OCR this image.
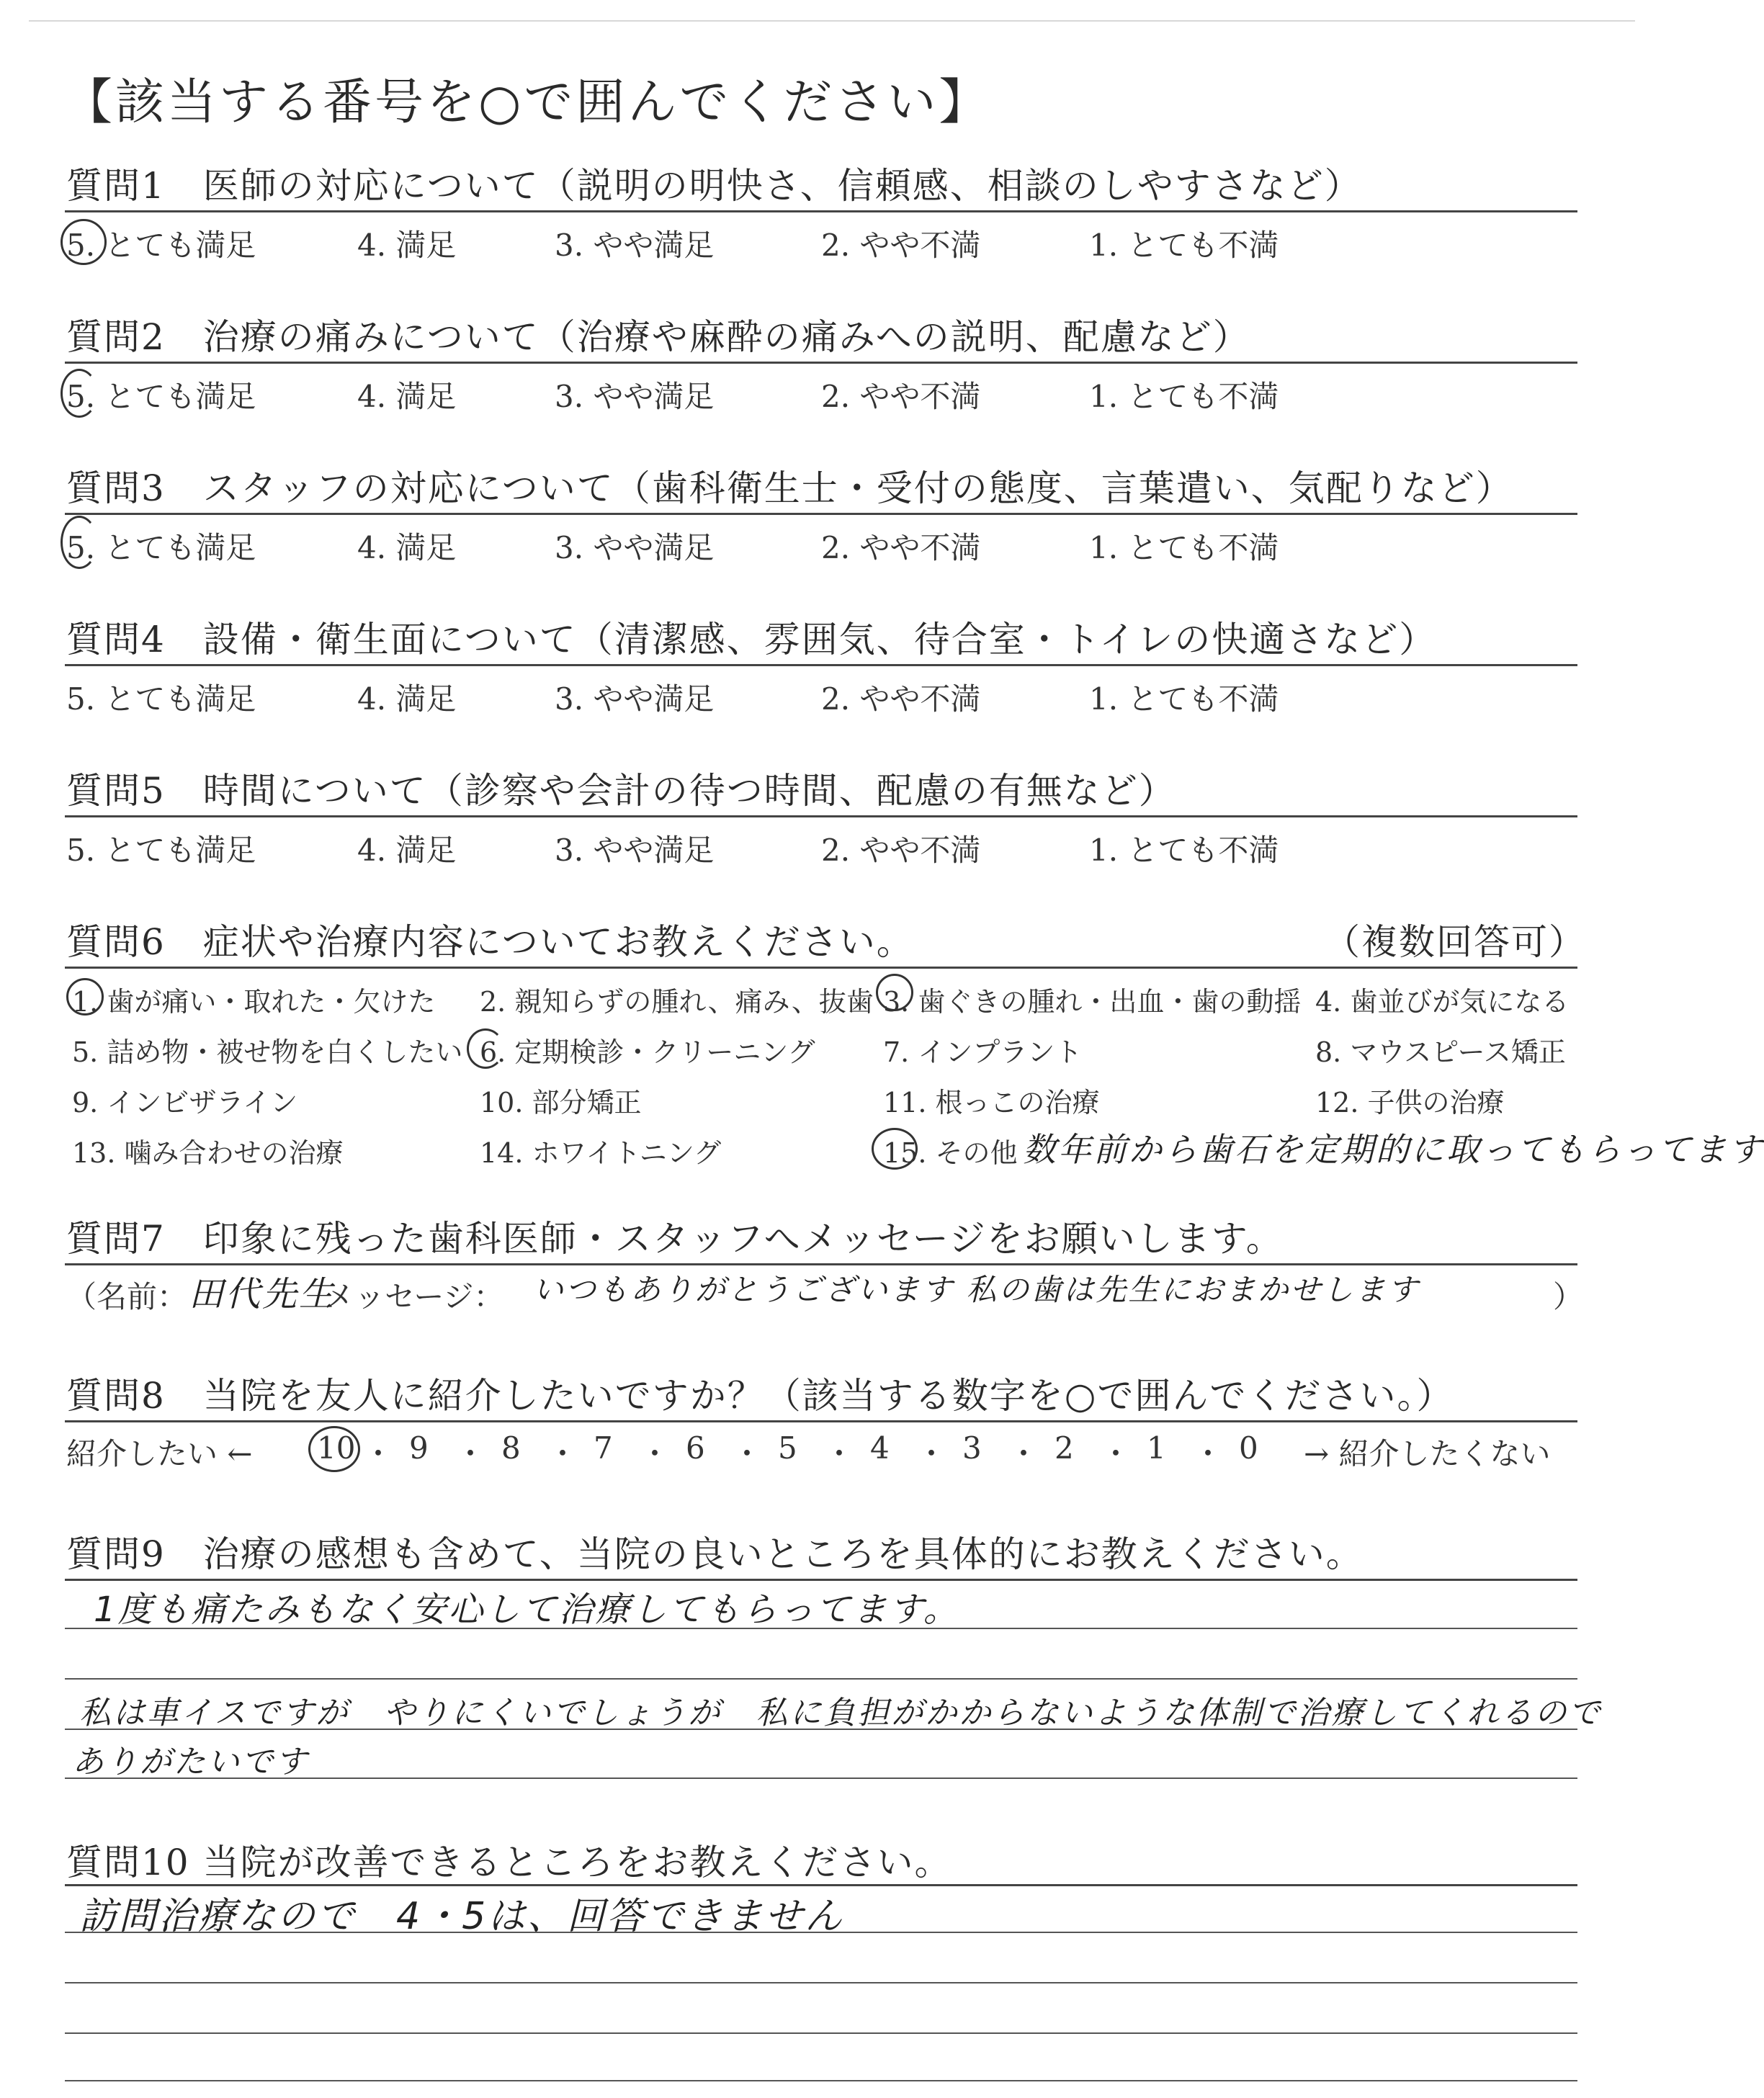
【該当する番号を○で囲んでください】
質問1　医師の対応について（説明の明快さ、信頼感、相談のしやすさなど）
5. とても満足	4. 満足	3. やや満足	2. やや不満	1. とても不満
質問2　治療の痛みについて（治療や麻酔の痛みへの説明、配慮など）
5. とても満足	4. 満足	3. やや満足	2. やや不満	1. とても不満
質問3　スタッフの対応について（歯科衛生士・受付の態度、言葉遣い、気配りなど）
5. とても満足	4. 満足	3. やや満足	2. やや不満	1. とても不満
質問4　設備・衛生面について（清潔感、雰囲気、待合室・トイレの快適さなど）
5. とても満足	4. 満足	3. やや満足	2. やや不満	1. とても不満
質問5　時間について（診察や会計の待つ時間、配慮の有無など）
5. とても満足	4. 満足	3. やや満足	2. やや不満	1. とても不満
質問6　症状や治療内容についてお教えください。	（複数回答可）
1. 歯が痛い・取れた・欠けた 2. 親知らずの腫れ、痛み、抜歯 3. 歯ぐきの腫れ・出血・歯の動揺 4. 歯並びが気になる
5. 詰め物・被せ物を白くしたい 6. 定期検診・クリーニング 7. インプラント	8. マウスピース矯正
9. インビザライン	10. 部分矯正	11. 根っこの治療	12. 子供の治療
13. 噛み合わせの治療	14. ホワイトニング	15. その他 数年前から歯石を定期的に取ってもらってます
質問7　印象に残った歯科医師・スタッフへメッセージをお願いします。
（名前： 田代先生
メッセージ： いつもありがとうございます 私の歯は先生におまかせします	）
質問8　当院を友人に紹介したいですか？（該当する数字を○で囲んでください。）
紹介したい ← 10 ・ 9 ・ 8 ・ 7 ・ 6 ・ 5 ・ 4 ・ 3 ・ 2 ・ 1 ・ 0 → 紹介したくない
質問9　治療の感想も含めて、当院の良いところを具体的にお教えください。
1度も痛たみもなく安心して治療してもらってます。
私は車イスですが　やりにくいでしょうが　私に負担がかからないような体制で治療してくれるので
ありがたいです
質問10 当院が改善できるところをお教えください。
訪問治療なので　4・5は、回答できません
